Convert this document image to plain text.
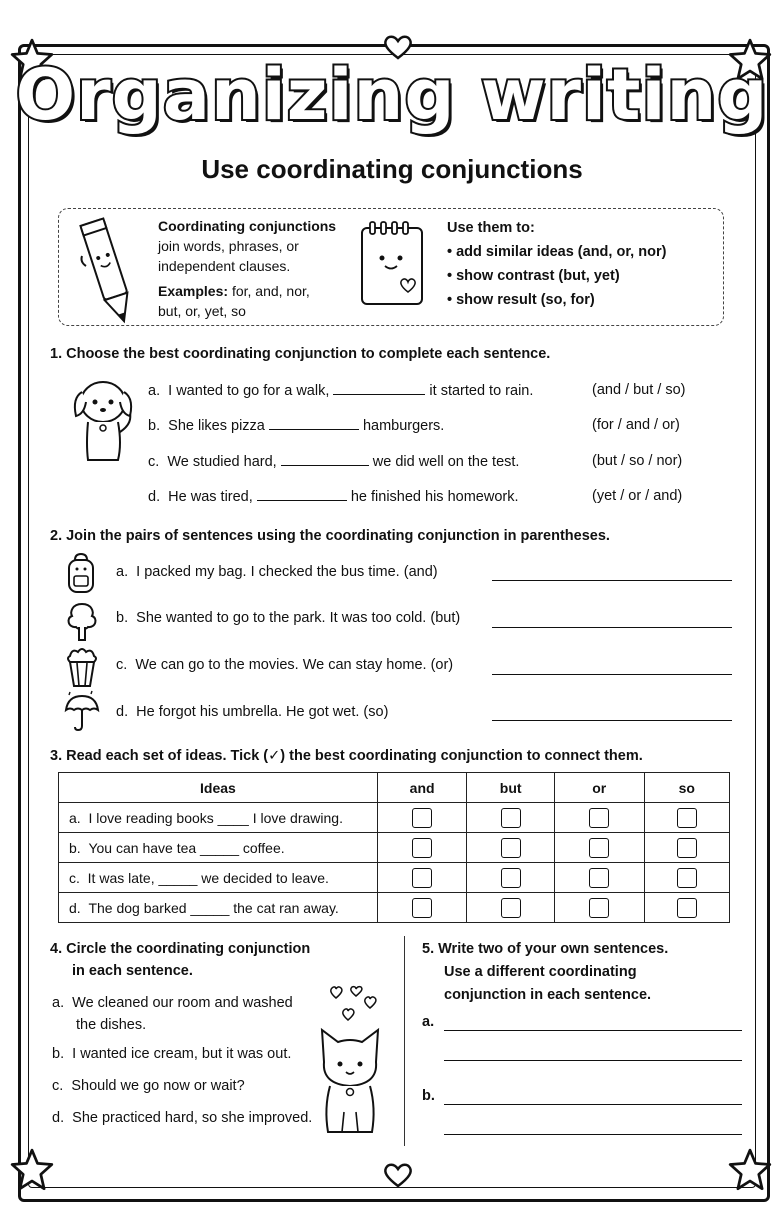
Organizing writing
Use coordinating conjunctions
Coordinating conjunctions
join words, phrases, or
independent clauses.
Examples: for, and, nor,
but, or, yet, so
Use them to:
• add similar ideas (and, or, nor)
• show contrast (but, yet)
• show result (so, for)
1. Choose the best coordinating conjunction to complete each sentence.
a. I wanted to go for a walk,	it started to rain.	(and / but / so)
b. She likes pizza	hamburgers.	(for / and / or)
c. We studied hard,	we did well on the test.	(but / so / nor)
d. He was tired,	he finished his homework.	(yet / or / and)
2. Join the pairs of sentences using the coordinating conjunction in parentheses.
a. I packed my bag. I checked the bus time. (and)
b. She wanted to go to the park. It was too cold. (but)
c. We can go to the movies. We can stay home. (or)
d. He forgot his umbrella. He got wet. (so)
3. Read each set of ideas. Tick (✓) the best coordinating conjunction to connect them.
Ideas	and	but	or	so
a. I love reading books ____ I love drawing.	

b. You can have tea _____ coffee.	

c. It was late, _____ we decided to leave.	

d. The dog barked _____ the cat ran away.	

4. Circle the coordinating conjunction
in each sentence.
a. We cleaned our room and washed
the dishes.
b. I wanted ice cream, but it was out.
c. Should we go now or wait?
d. She practiced hard, so she improved.
5. Write two of your own sentences.
Use a different coordinating
conjunction in each sentence.
a.
b.
